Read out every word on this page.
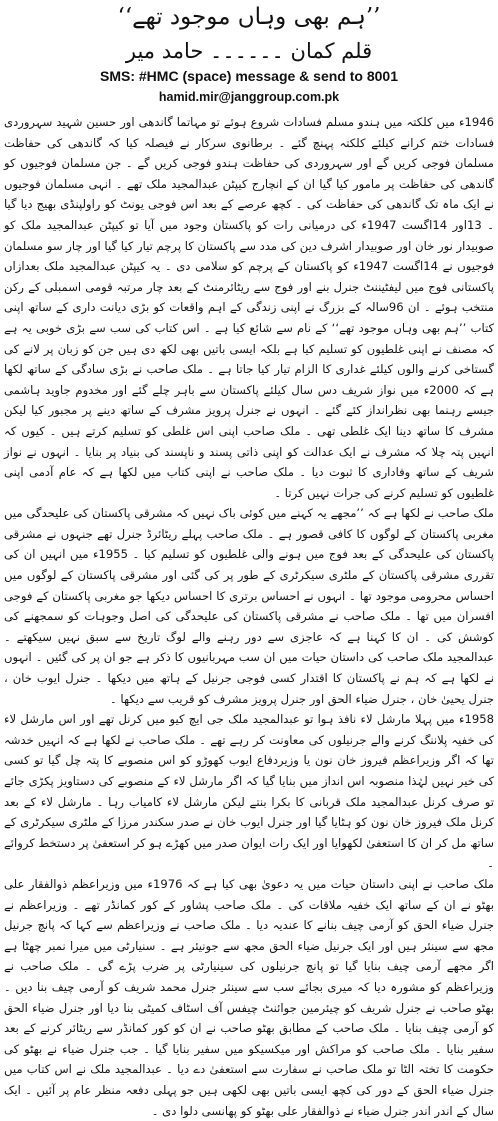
’’ہم بھی وہاں موجود تھے‘‘
قلم کمان ۔۔۔۔۔۔ حامد میر
SMS: #HMC (space) message & send to 8001
hamid.mir@janggroup.com.pk

1946ء میں کلکتہ میں ہندو مسلم فسادات شروع ہوئے تو مہاتما گاندھی اور حسین شہید سہروردی فسادات ختم کرانے کیلئے کلکتہ پہنچ گئے ۔ برطانوی سرکار نے فیصلہ کیا کہ گاندھی کی حفاظت مسلمان فوجی کریں گے اور سہروردی کی حفاظت ہندو فوجی کریں گے ۔ جن مسلمان فوجیوں کو گاندھی کی حفاظت پر مامور کیا گیا ان کے انچارج کیپٹن عبدالمجید ملک تھے ۔ انہی مسلمان فوجیوں نے ایک ماہ تک گاندھی کی حفاظت کی ۔ کچھ عرصے کے بعد اس فوجی یونٹ کو راولپنڈی بھیج دیا گیا ۔ 13اور 14اگست 1947ء کی درمیانی رات کو پاکستان وجود میں آیا تو کیپٹن عبدالمجید ملک کو صوبیدار نور خان اور صوبیدار اشرف دین کی مدد سے پاکستان کا پرچم تیار کیا گیا اور چار سو مسلمان فوجیوں نے 14اگست 1947ء کو پاکستان کے پرچم کو سلامی دی ۔ یہ کیپٹن عبدالمجید ملک بعدازاں پاکستانی فوج میں لیفٹیننٹ جنرل بنے اور فوج سے ریٹائرمنٹ کے بعد چار مرتبہ قومی اسمبلی کے رکن منتخب ہوئے ۔ ان 96سالہ کے بزرگ نے اپنی زندگی کے اہم واقعات کو بڑی دیانت داری کے ساتھ اپنی کتاب ’’ہم بھی وہاں موجود تھے‘‘ کے نام سے شائع کیا ہے ۔ اس کتاب کی سب سے بڑی خوبی یہ ہے کہ مصنف نے اپنی غلطیوں کو تسلیم کیا ہے بلکہ ایسی باتیں بھی لکھ دی ہیں جن کو زبان پر لانے کی گستاخی کرنے والوں کیلئے غداری کا الزام تیار کیا جاتا ہے ۔ ملک صاحب نے بڑی سادگی کے ساتھ لکھا ہے کہ 2000ء میں نواز شریف دس سال کیلئے پاکستان سے باہر چلے گئے اور مخدوم جاوید ہاشمی جیسے رہنما بھی نظرانداز کئے گئے ۔ انہوں نے جنرل پرویز مشرف کے ساتھ دینے پر مجبور کیا لیکن مشرف کا ساتھ دینا ایک غلطی تھی ۔ ملک صاحب اپنی اس غلطی کو تسلیم کرتے ہیں ۔ کیوں کہ انہیں پتہ چلا کہ مشرف نے ایک عدالت کو اپنی ذاتی پسند و ناپسند کی بنیاد پر بنایا ۔ انہوں نے نواز شریف کے ساتھ وفاداری کا ثبوت دیا ۔ ملک صاحب نے اپنی کتاب میں لکھا ہے کہ عام آدمی اپنی غلطیوں کو تسلیم کرنے کی جرات نہیں کرتا ۔

ملک صاحب نے لکھا ہے کہ ’’مجھے یہ کہنے میں کوئی باک نہیں کہ مشرقی پاکستان کی علیحدگی میں مغربی پاکستان کے لوگوں کا کافی قصور ہے ۔ ملک صاحب پہلے ریٹائرڈ جنرل تھے جنہوں نے مشرقی پاکستان کی علیحدگی کے بعد فوج میں ہونے والی غلطیوں کو تسلیم کیا ۔ 1955ء میں انہیں ان کی تقرری مشرقی پاکستان کے ملٹری سیکرٹری کے طور پر کی گئی اور مشرقی پاکستان کے لوگوں میں احساس محرومی موجود تھا ۔ انہوں نے احساس برتری کا احساس دیکھا جو مغربی پاکستان کے فوجی افسران میں تھا ۔ ملک صاحب نے مشرقی پاکستان کی علیحدگی کی اصل وجوہات کو سمجھنے کی کوشش کی ۔ ان کا کہنا ہے کہ عاجزی سے دور رہنے والے لوگ تاریخ سے سبق نہیں سیکھتے ۔ عبدالمجید ملک صاحب کی داستان حیات میں ان سب مہربانیوں کا ذکر ہے جو ان پر کی گئیں ۔ انہوں نے لکھا ہے کہ ہم نے پاکستان کا اقتدار کسی فوجی جرنیل کے ہاتھ میں دیکھا ۔ جنرل ایوب خان ، جنرل یحییٰ خان ، جنرل ضیاء الحق اور جنرل پرویز مشرف کو قریب سے دیکھا ۔

1958ء میں پہلا مارشل لاء نافذ ہوا تو عبدالمجید ملک جی ایچ کیو میں کرنل تھے اور اس مارشل لاء کی خفیہ پلاننگ کرنے والے جرنیلوں کی معاونت کر رہے تھے ۔ ملک صاحب نے لکھا ہے کہ انہیں خدشہ تھا کہ اگر وزیراعظم فیروز خان نون یا وزیردفاع ایوب کھوڑو کو اس منصوبے کا پتہ چل گیا تو کسی کی خیر نہیں لہٰذا منصوبہ اس انداز میں بنایا گیا کہ اگر مارشل لاء کے منصوبے کی دستاویز پکڑی جائے تو صرف کرنل عبدالمجید ملک قربانی کا بکرا بنتے لیکن مارشل لاء کامیاب رہا ۔ مارشل لاء کے بعد کرنل ملک فیروز خان نون کو ہٹایا گیا اور جنرل ایوب خان نے صدر سکندر مرزا کے ملٹری سیکرٹری کے ساتھ مل کر ان کا استعفیٰ لکھوایا اور ایک رات ایوان صدر میں کھڑے ہو کر استعفیٰ پر دستخط کروائے ۔

ملک صاحب نے اپنی داستان حیات میں یہ دعویٰ بھی کیا ہے کہ 1976ء میں وزیراعظم ذوالفقار علی بھٹو نے ان کے ساتھ ایک خفیہ ملاقات کی ۔ ملک صاحب پشاور کے کور کمانڈر تھے ۔ وزیراعظم نے جنرل ضیاء الحق کو آرمی چیف بنانے کا عندیہ دیا ۔ ملک صاحب نے وزیراعظم سے کہا کہ پانچ جرنیل مجھ سے سینئر ہیں اور ایک جرنیل ضیاء الحق مجھ سے جونیئر ہے ۔ سنیارٹی میں میرا نمبر چھٹا ہے اگر مجھے آرمی چیف بنایا گیا تو پانچ جرنیلوں کی سینیارٹی پر ضرب پڑے گی ۔ ملک صاحب نے وزیراعظم کو مشورہ دیا کہ میری بجائے سب سے سینئر جنرل محمد شریف کو آرمی چیف بنا دیں ۔ بھٹو صاحب نے جنرل شریف کو چیئرمین جوائنٹ چیفس آف اسٹاف کمیٹی بنا دیا اور جنرل ضیاء الحق کو آرمی چیف بنایا ۔ ملک صاحب کے مطابق بھٹو صاحب نے ان کو کور کمانڈر سے ریٹائر کرنے کے بعد سفیر بنایا ۔ ملک صاحب کو مراکش اور میکسیکو میں سفیر بنایا گیا ۔ جب جنرل ضیاء نے بھٹو کی حکومت کا تختہ الٹا تو ملک صاحب نے سفارت سے استعفیٰ دے دیا ۔ عبدالمجید ملک نے اس کتاب میں جنرل ضیاء الحق کے دور کی کچھ ایسی باتیں بھی لکھی ہیں جو پہلی دفعہ منظر عام پر آئیں ۔ ایک سال کے اندر اندر جنرل ضیاء نے ذوالفقار علی بھٹو کو پھانسی دلوا دی ۔
